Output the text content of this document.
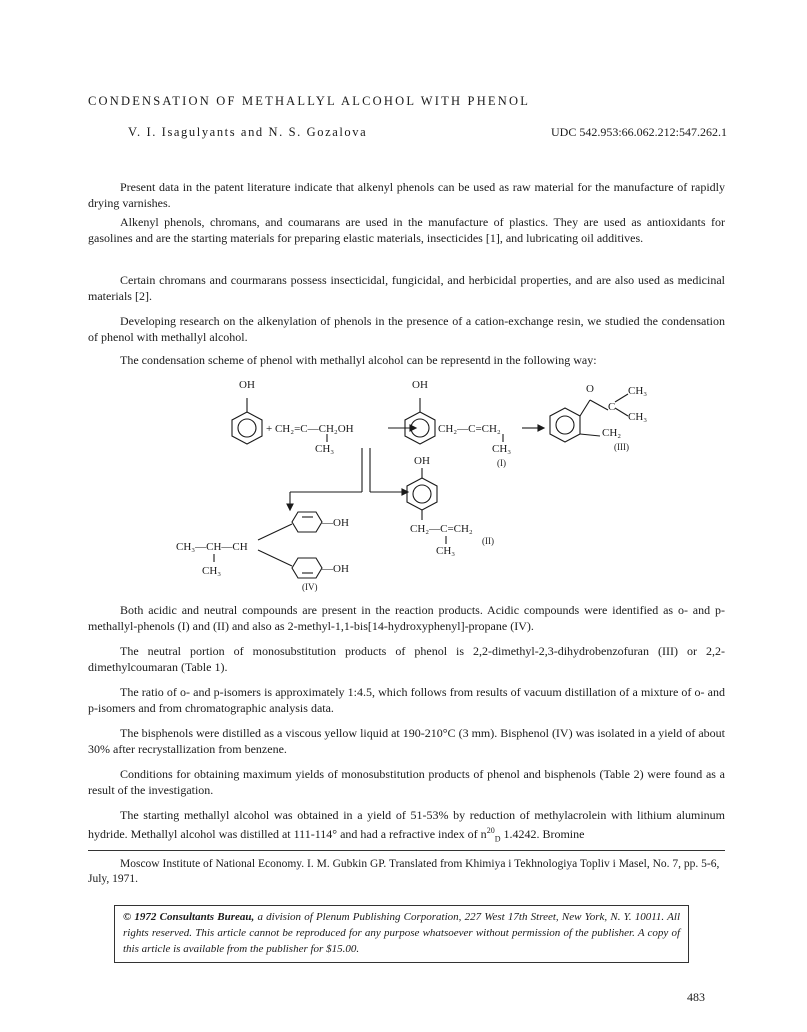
CONDENSATION OF METHALLYL ALCOHOL WITH PHENOL
V. I. Isagulyants and N. S. Gozalova	UDC 542.953:66.062.212:547.262.1

Present data in the patent literature indicate that alkenyl phenols can be used as raw material for the manufacture of rapidly drying varnishes.

Alkenyl phenols, chromans, and coumarans are used in the manufacture of plastics. They are used as antioxidants for gasolines and are the starting materials for preparing elastic materials, insecticides [1], and lubricating oil additives.

Certain chromans and courmarans possess insecticidal, fungicidal, and herbicidal properties, and are also used as medicinal materials [2].

Developing research on the alkenylation of phenols in the presence of a cation-exchange resin, we studied the condensation of phenol with methallyl alcohol.

The condensation scheme of phenol with methallyl alcohol can be representd in the following way:

OH
+ CH₂=C—CH₂OH
CH₃
OH
CH₂—C=CH₂
CH₃
(I)
O
C
CH₃
CH₃
CH₂
(III)
OH
CH₂—C=CH₂
CH₃
(II)
—OH
—OH
CH₃—CH—CH
CH₃
(IV)

Both acidic and neutral compounds are present in the reaction products. Acidic compounds were identified as o- and p-methallyl-phenols (I) and (II) and also as 2-methyl-1,1-bis[14-hydroxyphenyl]-propane (IV).

The neutral portion of monosubstitution products of phenol is 2,2-dimethyl-2,3-dihydrobenzofuran (III) or 2,2-dimethylcoumaran (Table 1).

The ratio of o- and p-isomers is approximately 1:4.5, which follows from results of vacuum distillation of a mixture of o- and p-isomers and from chromatographic analysis data.

The bisphenols were distilled as a viscous yellow liquid at 190-210°C (3 mm). Bisphenol (IV) was isolated in a yield of about 30% after recrystallization from benzene.

Conditions for obtaining maximum yields of monosubstitution products of phenol and bisphenols (Table 2) were found as a result of the investigation.

The starting methallyl alcohol was obtained in a yield of 51-53% by reduction of methylacrolein with lithium aluminum hydride. Methallyl alcohol was distilled at 111-114° and had a refractive index of $n^{20}_D$ 1.4242. Bromine

Moscow Institute of National Economy. I. M. Gubkin GP. Translated from Khimiya i Tekhnologiya Topliv i Masel, No. 7, pp. 5-6, July, 1971.

© 1972 Consultants Bureau, a division of Plenum Publishing Corporation, 227 West 17th Street, New York, N. Y. 10011. All rights reserved. This article cannot be reproduced for any purpose whatsoever without permission of the publisher. A copy of this article is available from the publisher for $15.00.
483
